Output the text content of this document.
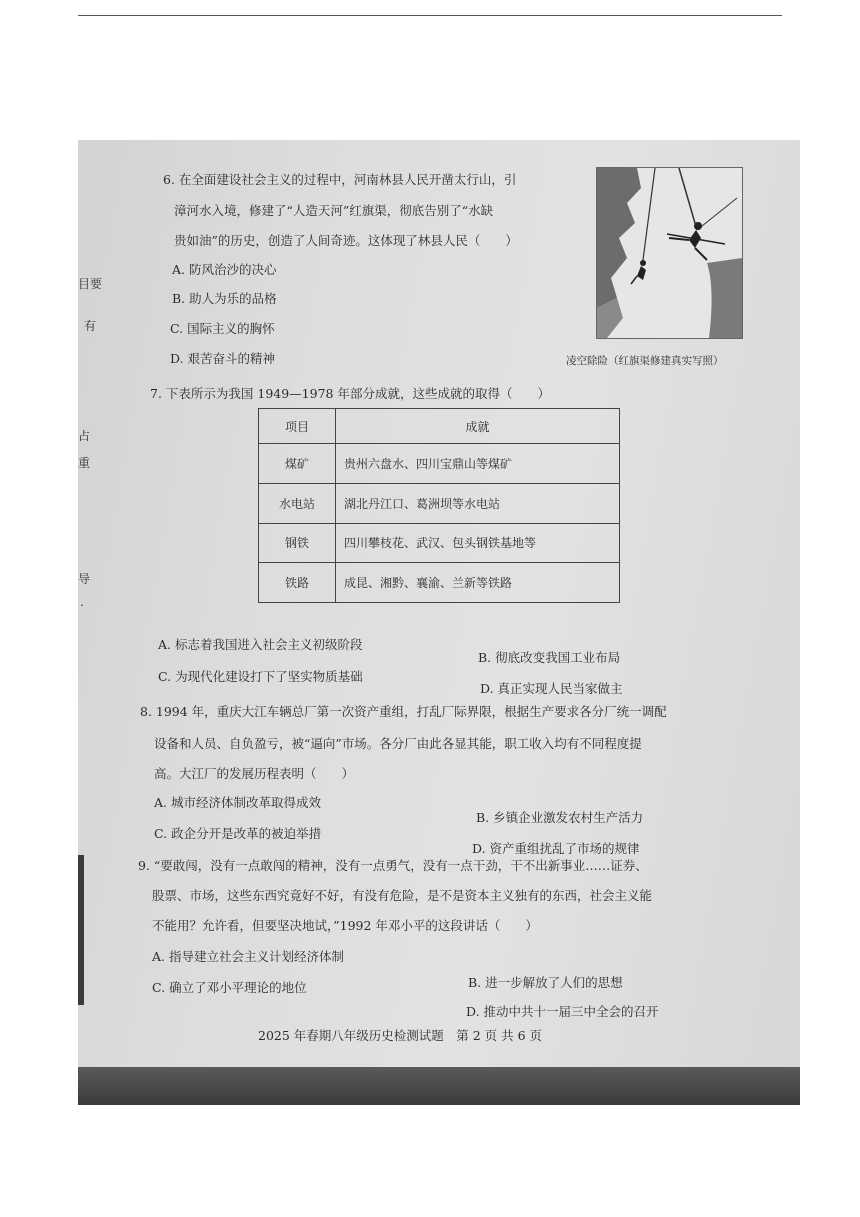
目要
有
占
重
导
.
6. 在全面建设社会主义的过程中，河南林县人民开凿太行山，引
漳河水入境，修建了“人造天河”红旗渠，彻底告别了“水缺
贵如油”的历史，创造了人间奇迹。这体现了林县人民（　　）
A. 防风治沙的决心
B. 助人为乐的品格
C. 国际主义的胸怀
D. 艰苦奋斗的精神	凌空除险（红旗渠修建真实写照）
7. 下表所示为我国 1949—1978 年部分成就，这些成就的取得（　　）
项目	成就
煤矿	贵州六盘水、四川宝鼎山等煤矿
水电站	湖北丹江口、葛洲坝等水电站
钢铁	四川攀枝花、武汉、包头钢铁基地等
铁路	成昆、湘黔、襄渝、兰新等铁路
A. 标志着我国进入社会主义初级阶段
B. 彻底改变我国工业布局
C. 为现代化建设打下了坚实物质基础
D. 真正实现人民当家做主
8. 1994 年，重庆大江车辆总厂第一次资产重组，打乱厂际界限，根据生产要求各分厂统一调配
设备和人员、自负盈亏，被“逼向”市场。各分厂由此各显其能，职工收入均有不同程度提
高。大江厂的发展历程表明（　　）
A. 城市经济体制改革取得成效
B. 乡镇企业激发农村生产活力
C. 政企分开是改革的被迫举措
D. 资产重组扰乱了市场的规律
9. “要敢闯，没有一点敢闯的精神，没有一点勇气，没有一点干劲，干不出新事业……证券、
股票、市场，这些东西究竟好不好，有没有危险，是不是资本主义独有的东西，社会主义能
不能用？允许看，但要坚决地试，”1992 年邓小平的这段讲话（　　）
A. 指导建立社会主义计划经济体制
B. 进一步解放了人们的思想
C. 确立了邓小平理论的地位
D. 推动中共十一届三中全会的召开
2025 年春期八年级历史检测试题　第 2 页 共 6 页
